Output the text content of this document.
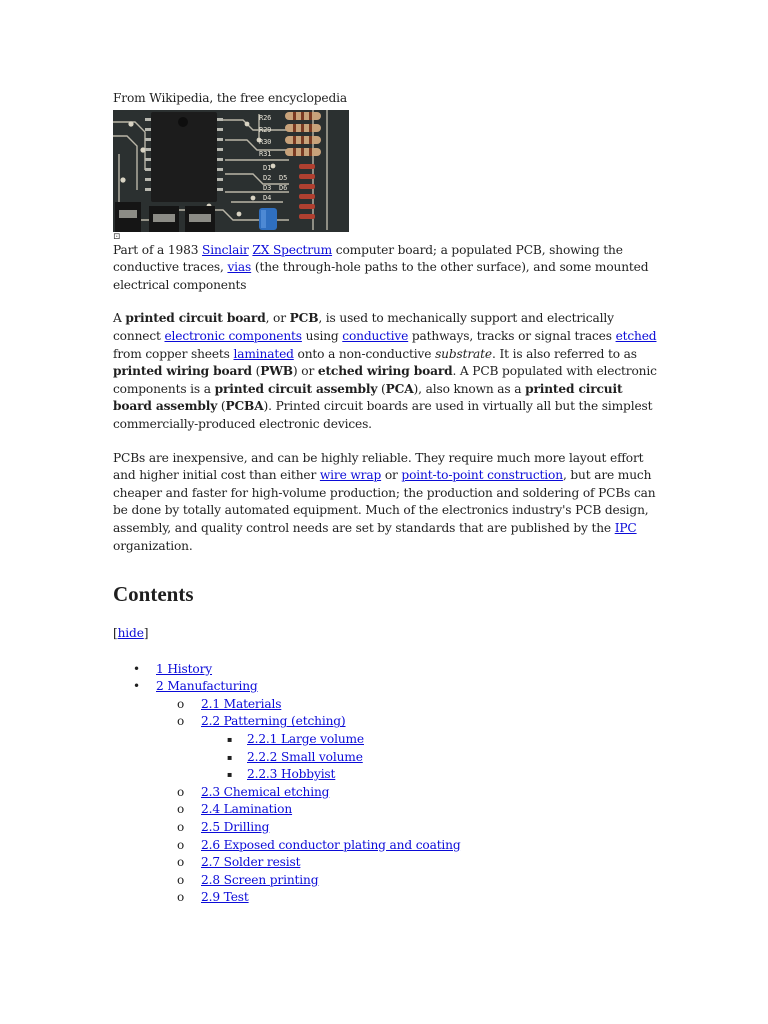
From Wikipedia, the free encyclopedia

R26
R29
R30
R31
D1
D2
D3
D4
D5
D6
⊡

Part of a 1983 Sinclair ZX Spectrum computer board; a populated PCB, showing the conductive traces, vias (the through-hole paths to the other surface), and some mounted electrical components

A printed circuit board, or PCB, is used to mechanically support and electrically connect electronic components using conductive pathways, tracks or signal traces etched from copper sheets laminated onto a non-conductive substrate. It is also referred to as printed wiring board (PWB) or etched wiring board. A PCB populated with electronic components is a printed circuit assembly (PCA), also known as a printed circuit board assembly (PCBA). Printed circuit boards are used in virtually all but the simplest commercially-produced electronic devices.

PCBs are inexpensive, and can be highly reliable. They require much more layout effort and higher initial cost than either wire wrap or point-to-point construction, but are much cheaper and faster for high-volume production; the production and soldering of PCBs can be done by totally automated equipment. Much of the electronics industry's PCB design, assembly, and quality control needs are set by standards that are published by the IPC organization.

Contents
[hide]
• 1 History
• 2 Manufacturing
o 2.1 Materials
o 2.2 Patterning (etching)
▪ 2.2.1 Large volume
▪ 2.2.2 Small volume
▪ 2.2.3 Hobbyist
o 2.3 Chemical etching
o 2.4 Lamination
o 2.5 Drilling
o 2.6 Exposed conductor plating and coating
o 2.7 Solder resist
o 2.8 Screen printing
o 2.9 Test
